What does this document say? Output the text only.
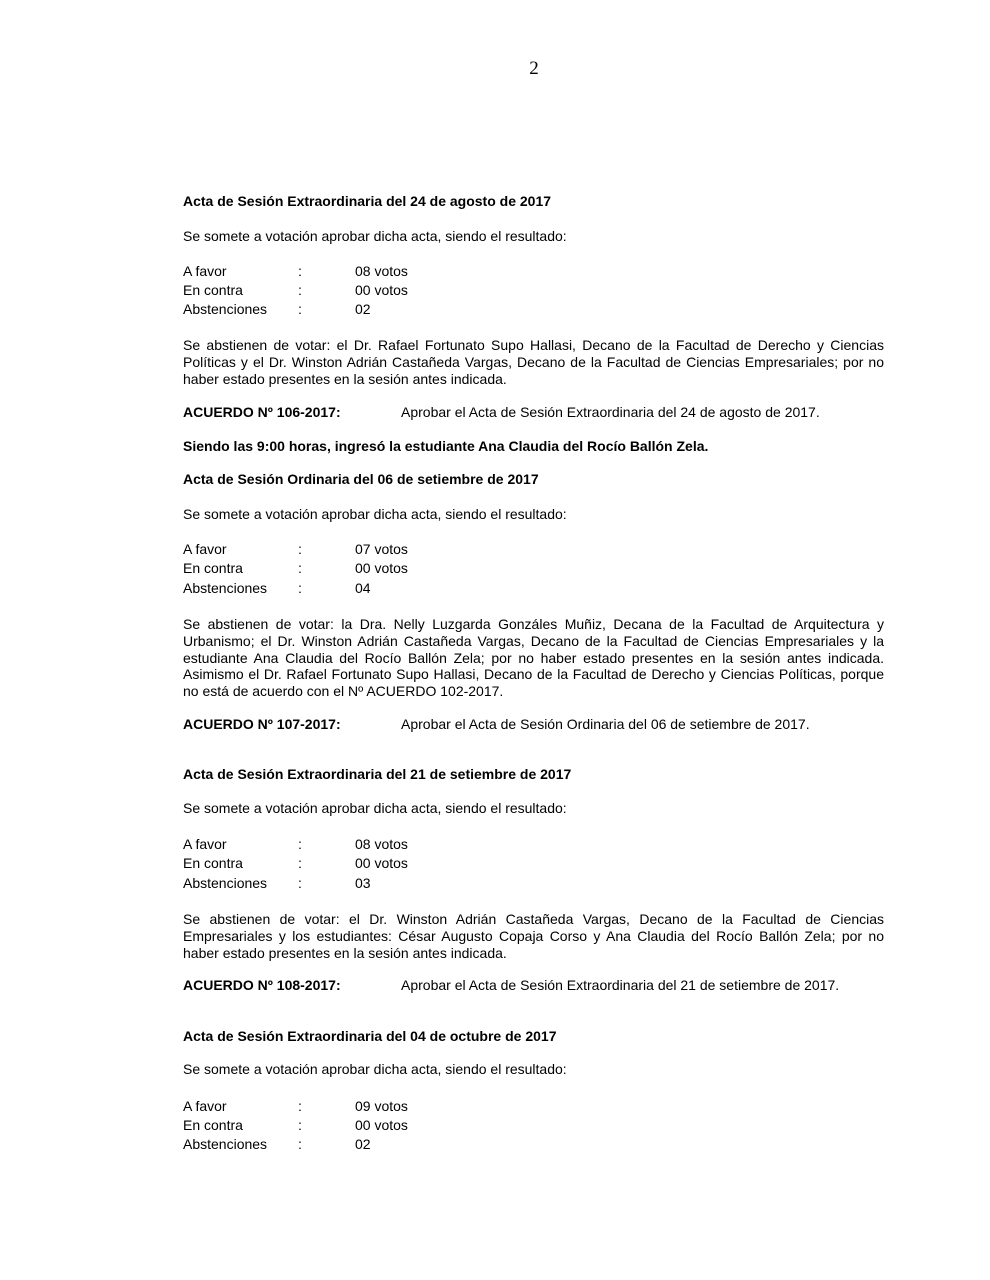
2
Acta de Sesión Extraordinaria del 24 de agosto de 2017
Se somete a votación aprobar dicha acta, siendo el resultado:
A favor	:	08 votos
En contra	:	00 votos
Abstenciones :	02
Se abstienen de votar: el Dr. Rafael Fortunato Supo Hallasi, Decano de la Facultad de Derecho y Ciencias Políticas y el Dr. Winston Adrián Castañeda Vargas, Decano de la Facultad de Ciencias Empresariales; por no haber estado presentes en la sesión antes indicada.
ACUERDO Nº 106-2017:	Aprobar el Acta de Sesión Extraordinaria del 24 de agosto de 2017.
Siendo las 9:00 horas, ingresó la estudiante Ana Claudia del Rocío Ballón Zela.
Acta de Sesión Ordinaria del 06 de setiembre de 2017
Se somete a votación aprobar dicha acta, siendo el resultado:
A favor	:	07 votos
En contra	:	00 votos
Abstenciones :	04
Se abstienen de votar: la Dra. Nelly Luzgarda Gonzáles Muñiz, Decana de la Facultad de Arquitectura y Urbanismo; el Dr. Winston Adrián Castañeda Vargas, Decano de la Facultad de Ciencias Empresariales y la estudiante Ana Claudia del Rocío Ballón Zela; por no haber estado presentes en la sesión antes indicada. Asimismo el Dr. Rafael Fortunato Supo Hallasi, Decano de la Facultad de Derecho y Ciencias Políticas, porque no está de acuerdo con el Nº ACUERDO 102-2017.
ACUERDO Nº 107-2017:	Aprobar el Acta de Sesión Ordinaria del 06 de setiembre de 2017.
Acta de Sesión Extraordinaria del 21 de setiembre de 2017
Se somete a votación aprobar dicha acta, siendo el resultado:
A favor	:	08 votos
En contra	:	00 votos
Abstenciones :	03
Se abstienen de votar: el Dr. Winston Adrián Castañeda Vargas, Decano de la Facultad de Ciencias Empresariales y los estudiantes: César Augusto Copaja Corso y Ana Claudia del Rocío Ballón Zela; por no haber estado presentes en la sesión antes indicada.
ACUERDO Nº 108-2017:	Aprobar el Acta de Sesión Extraordinaria del 21 de setiembre de 2017.
Acta de Sesión Extraordinaria del 04 de octubre de 2017
Se somete a votación aprobar dicha acta, siendo el resultado:
A favor	:	09 votos
En contra	:	00 votos
Abstenciones :	02
